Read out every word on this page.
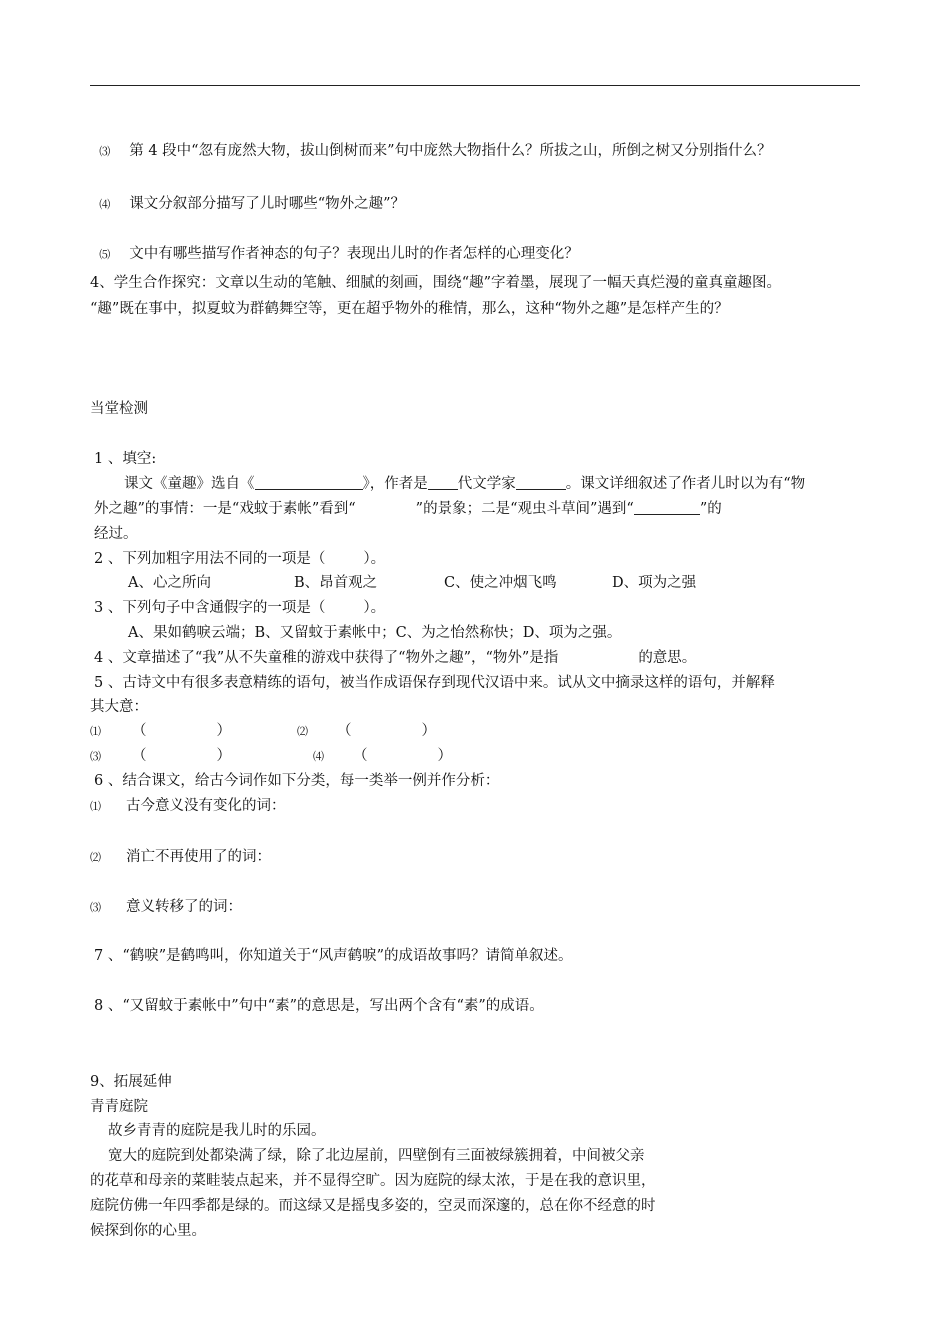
⑶ 第 4 段中“忽有庞然大物，拔山倒树而来”句中庞然大物指什么？所拔之山，所倒之树又分别指什么？

⑷ 课文分叙部分描写了儿时哪些“物外之趣”？

⑸ 文中有哪些描写作者神态的句子？表现出儿时的作者怎样的心理变化？

4、学生合作探究：文章以生动的笔触、细腻的刻画，围绕“趣”字着墨，展现了一幅天真烂漫的童真童趣图。
“趣”既在事中，拟夏蚊为群鹤舞空等，更在超乎物外的稚情，那么，这种“物外之趣”是怎样产生的？
当堂检测
1 、填空:
课文《童趣》选自《	》，作者是 代文学家	。课文详细叙述了作者儿时以为有“物
外之趣”的事情：一是“戏蚊于素帐”看到“	”的景象；二是“观虫斗草间”遇到“	”的
经过。
2 、下列加粗字用法不同的一项是（	）。
A、心之所向	B、昂首观之	C、使之冲烟飞鸣	D、项为之强
3 、下列句子中含通假字的一项是（	）。
A、果如鹤唳云端；B、又留蚊于素帐中；C、为之怡然称快；D、项为之强。
4 、文章描述了“我”从不失童稚的游戏中获得了“物外之趣”，“物外”是指	的意思。
5 、古诗文中有很多表意精练的语句，被当作成语保存到现代汉语中来。试从文中摘录这样的语句，并解释
其大意：
⑴ （	）	⑵ （	）
⑶ （	）	⑷ （	）
6 、结合课文，给古今词作如下分类，每一类举一例并作分析：
⑴ 古今意义没有变化的词：
⑵ 消亡不再使用了的词：
⑶ 意义转移了的词：
7 、“鹤唳”是鹤鸣叫，你知道关于“风声鹤唳”的成语故事吗？请简单叙述。
8 、“又留蚊于素帐中”句中“素”的意思是，写出两个含有“素”的成语。
9、拓展延伸
青青庭院
故乡青青的庭院是我儿时的乐园。
宽大的庭院到处都染满了绿，除了北边屋前，四壁倒有三面被绿簇拥着，中间被父亲
的花草和母亲的菜畦装点起来，并不显得空旷。因为庭院的绿太浓，于是在我的意识里，
庭院仿佛一年四季都是绿的。而这绿又是摇曳多姿的，空灵而深邃的，总在你不经意的时
候探到你的心里。
